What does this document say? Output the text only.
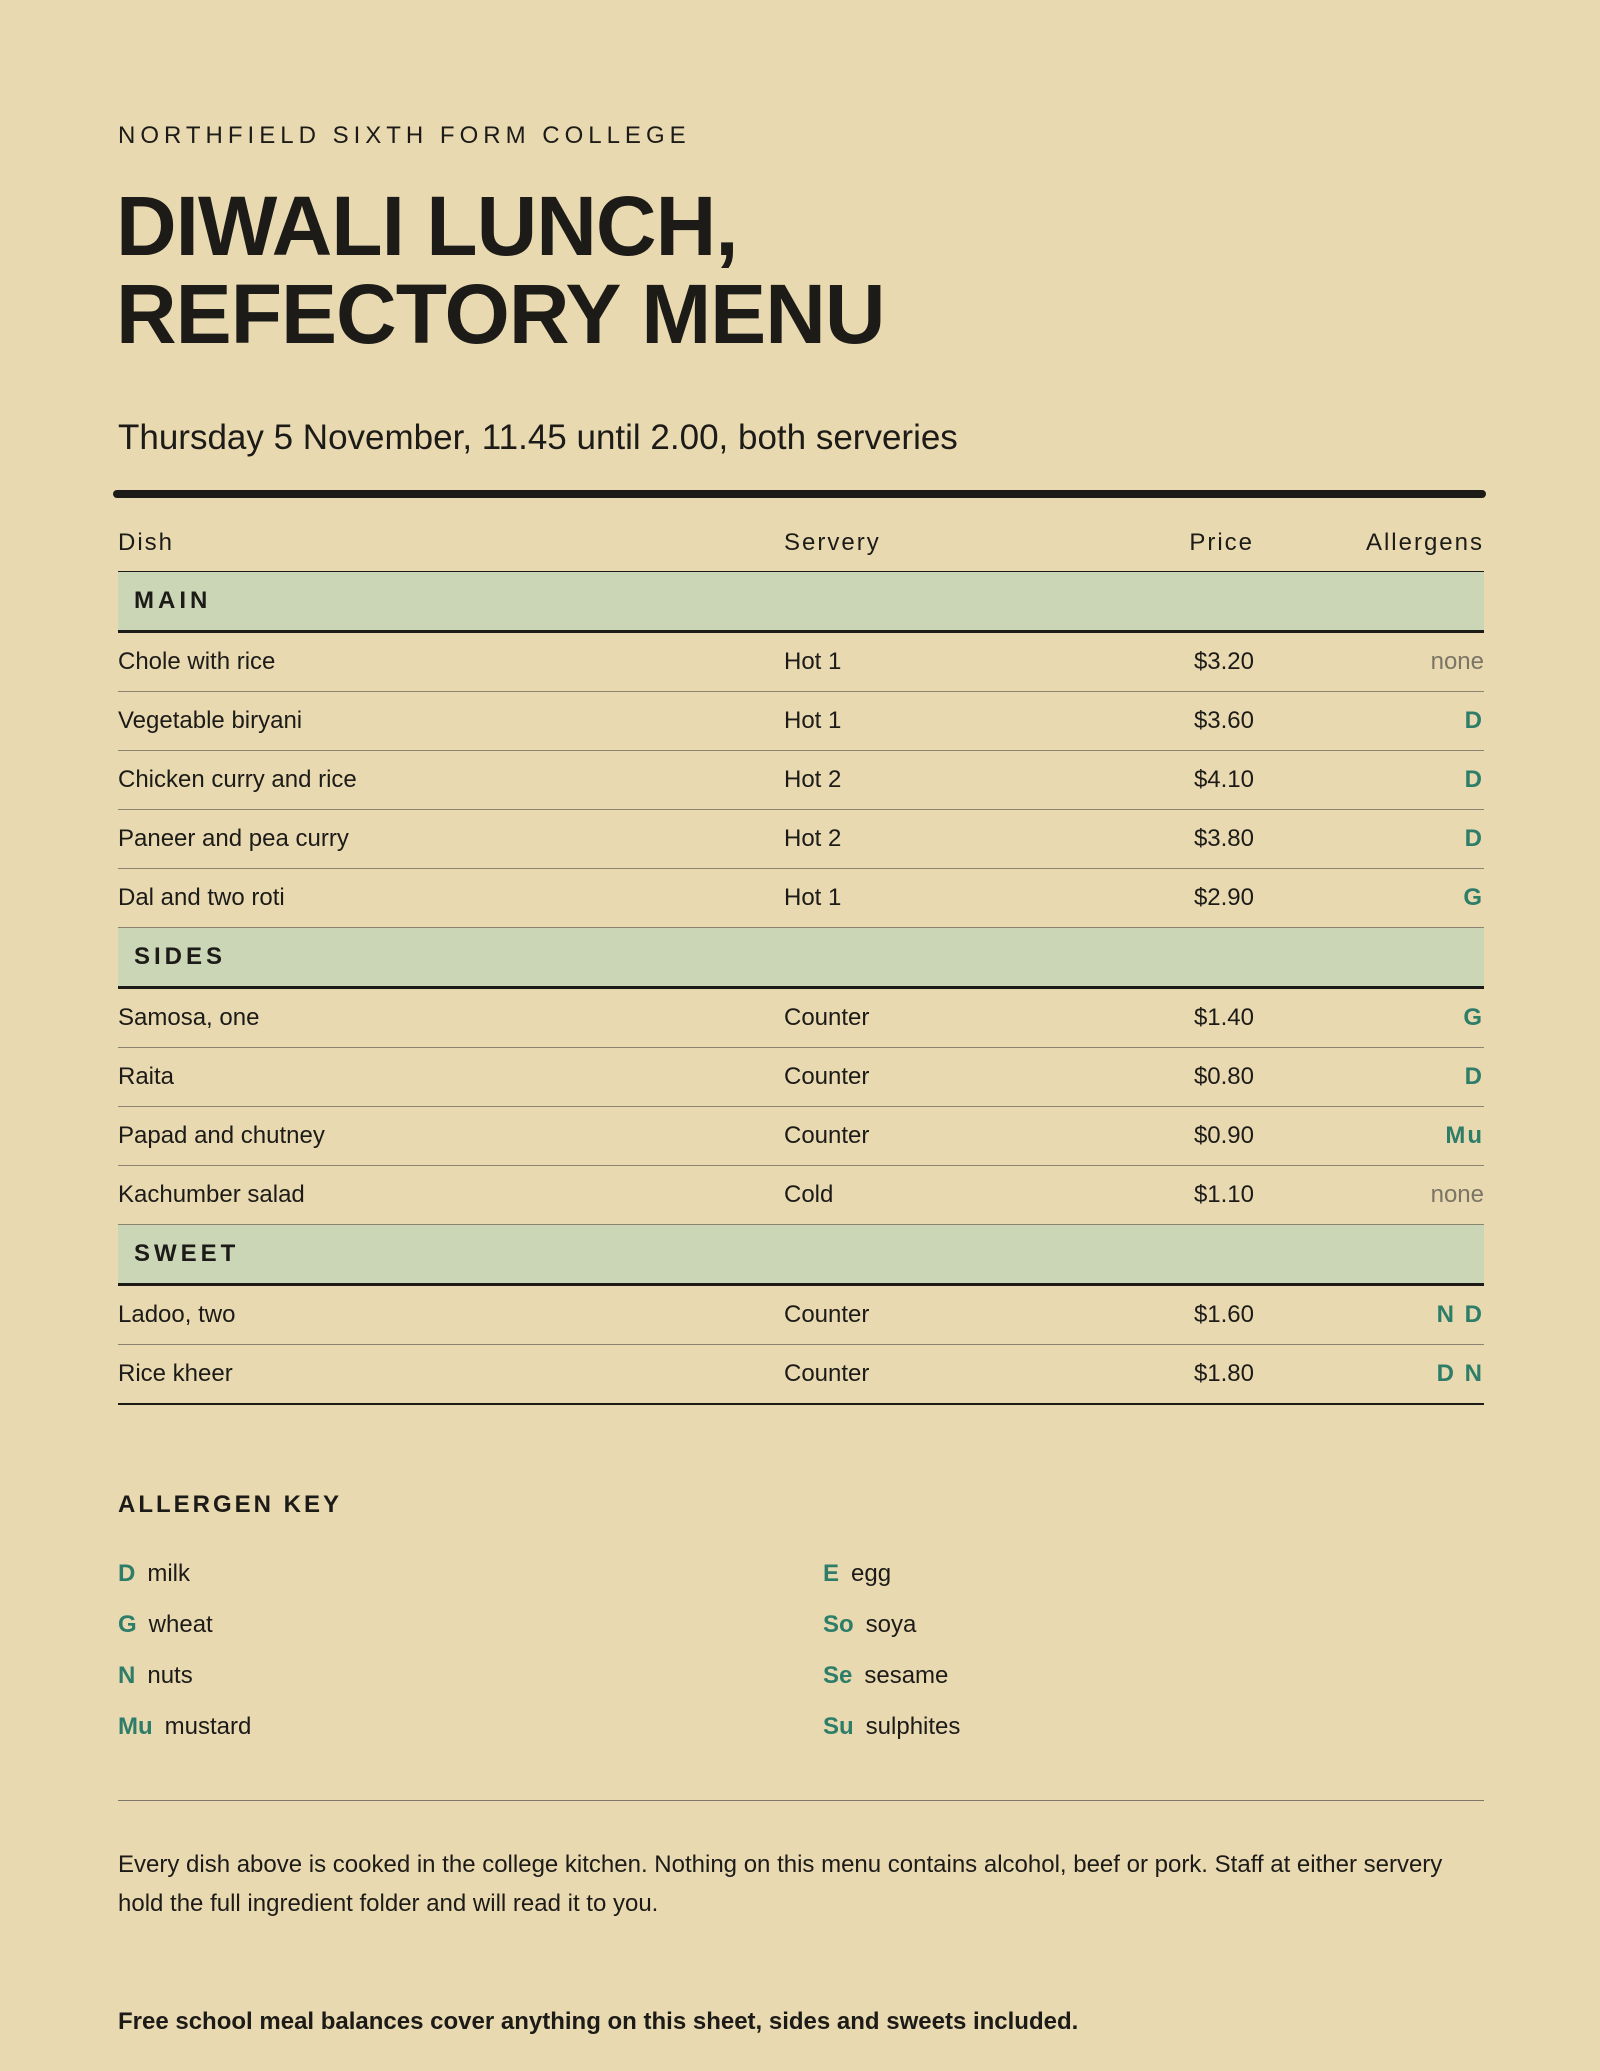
NORTHFIELD SIXTH FORM COLLEGE
DIWALI LUNCH,
REFECTORY MENU
Thursday 5 November, 11.45 until 2.00, both serveries
Dish	Servery	Price	Allergens
MAIN
Chole with rice	Hot 1	$3.20	none
Vegetable biryani	Hot 1	$3.60	D
Chicken curry and rice	Hot 2	$4.10	D
Paneer and pea curry	Hot 2	$3.80	D
Dal and two roti	Hot 1	$2.90	G
SIDES
Samosa, one	Counter	$1.40	G
Raita	Counter	$0.80	D
Papad and chutney	Counter	$0.90	Mu
Kachumber salad	Cold	$1.10	none
SWEET
Ladoo, two	Counter	$1.60	N D
Rice kheer	Counter	$1.80	D N
ALLERGEN KEY
D milk
G wheat
N nuts
Mu mustard
E egg
So soya
Se sesame
Su sulphites
Every dish above is cooked in the college kitchen. Nothing on this menu contains alcohol, beef or pork. Staff at either servery hold the full ingredient folder and will read it to you.
Free school meal balances cover anything on this sheet, sides and sweets included.
